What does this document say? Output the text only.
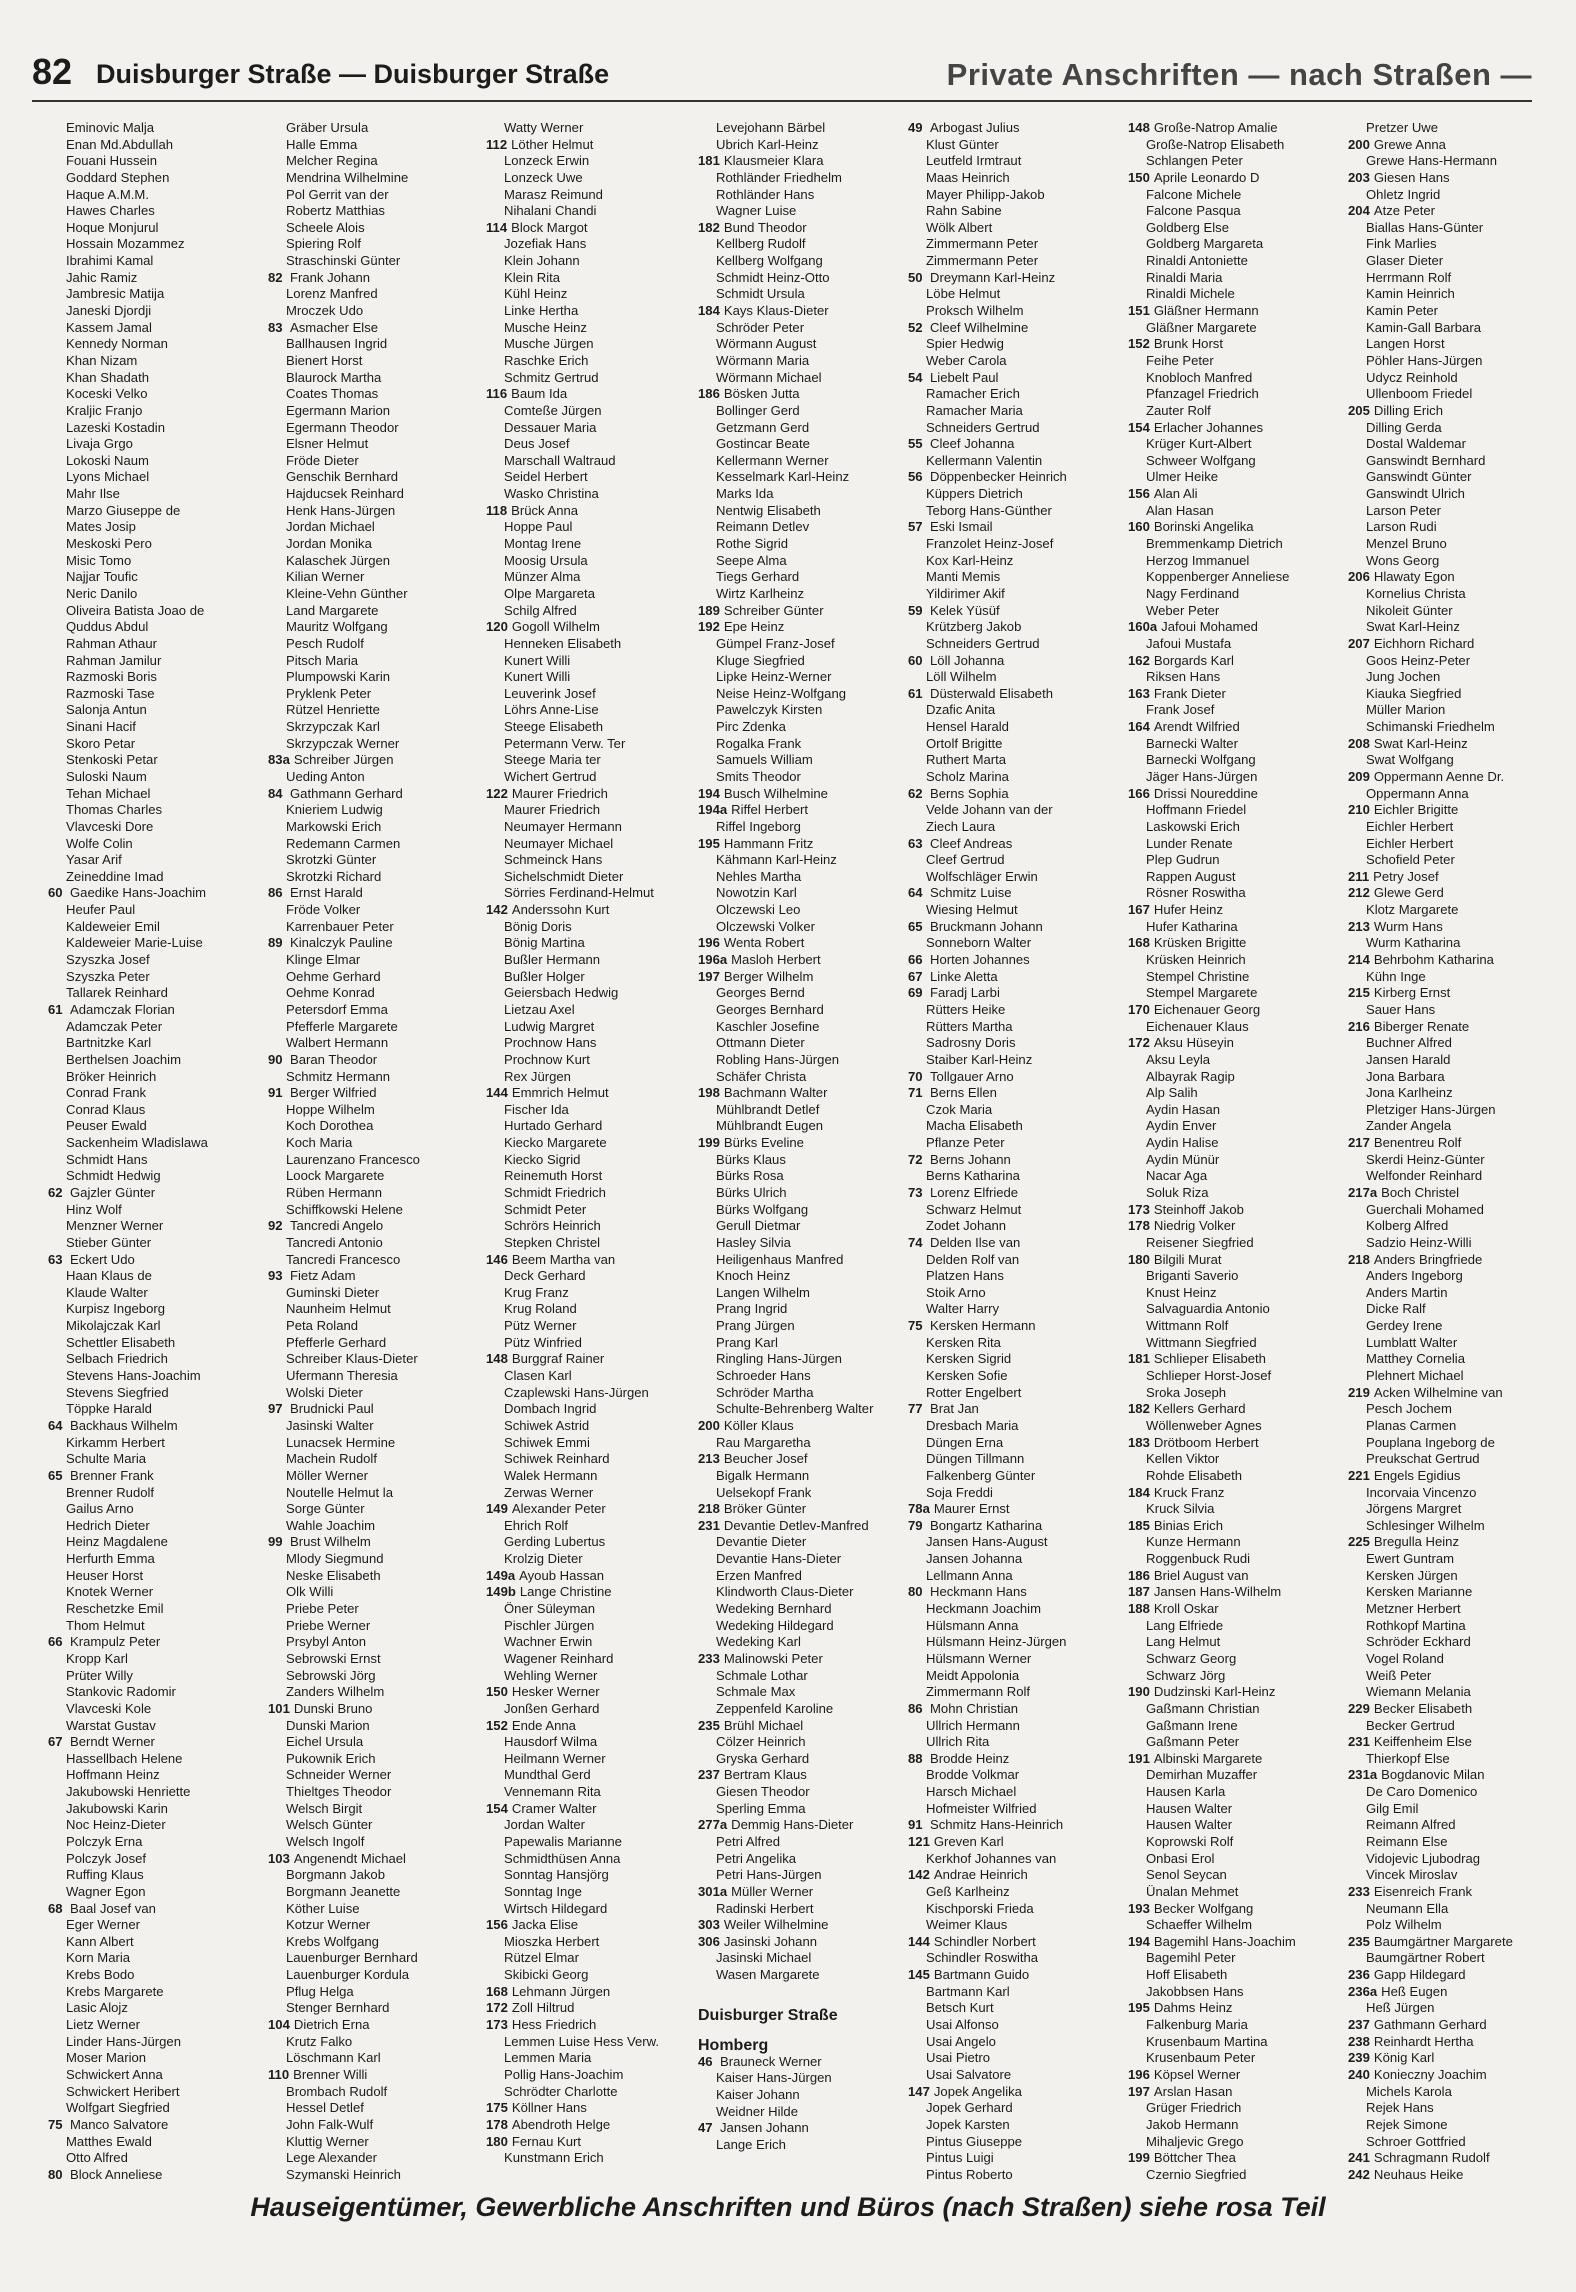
82 Duisburger Straße — Duisburger Straße	Private Anschriften — nach Straßen —
Eminovic Malja
Enan Md.Abdullah
Fouani Hussein
Goddard Stephen
Haque A.M.M.
Hawes Charles
Hoque Monjurul
Hossain Mozammez
Ibrahimi Kamal
Jahic Ramiz
Jambresic Matija
Janeski Djordji
Kassem Jamal
Kennedy Norman
Khan Nizam
Khan Shadath
Koceski Velko
Kraljic Franjo
Lazeski Kostadin
Livaja Grgo
Lokoski Naum
Lyons Michael
Mahr Ilse
Marzo Giuseppe de
Mates Josip
Meskoski Pero
Misic Tomo
Najjar Toufic
Neric Danilo
Oliveira Batista Joao de
Quddus Abdul
Rahman Athaur
Rahman Jamilur
Razmoski Boris
Razmoski Tase
Salonja Antun
Sinani Hacif
Skoro Petar
Stenkoski Petar
Suloski Naum
Tehan Michael
Thomas Charles
Vlavceski Dore
Wolfe Colin
Yasar Arif
Zeineddine Imad
60 Gaedike Hans-Joachim
Heufer Paul
Kaldeweier Emil
Kaldeweier Marie-Luise
Szyszka Josef
Szyszka Peter
Tallarek Reinhard
61 Adamczak Florian
Adamczak Peter
Bartnitzke Karl
Berthelsen Joachim
Bröker Heinrich
Conrad Frank
Conrad Klaus
Peuser Ewald
Sackenheim Wladislawa
Schmidt Hans
Schmidt Hedwig
62 Gajzler Günter
Hinz Wolf
Menzner Werner
Stieber Günter
63 Eckert Udo
Haan Klaus de
Klaude Walter
Kurpisz Ingeborg
Mikolajczak Karl
Schettler Elisabeth
Selbach Friedrich
Stevens Hans-Joachim
Stevens Siegfried
Töppke Harald
64 Backhaus Wilhelm
Kirkamm Herbert
Schulte Maria
65 Brenner Frank
Brenner Rudolf
Gailus Arno
Hedrich Dieter
Heinz Magdalene
Herfurth Emma
Heuser Horst
Knotek Werner
Reschetzke Emil
Thom Helmut
66 Krampulz Peter
Kropp Karl
Prüter Willy
Stankovic Radomir
Vlavceski Kole
Warstat Gustav
67 Berndt Werner
Hassellbach Helene
Hoffmann Heinz
Jakubowski Henriette
Jakubowski Karin
Noc Heinz-Dieter
Polczyk Erna
Polczyk Josef
Ruffing Klaus
Wagner Egon
68 Baal Josef van
Eger Werner
Kann Albert
Korn Maria
Krebs Bodo
Krebs Margarete
Lasic Alojz
Lietz Werner
Linder Hans-Jürgen
Moser Marion
Schwickert Anna
Schwickert Heribert
Wolfgart Siegfried
75 Manco Salvatore
Matthes Ewald
Otto Alfred
80 Block Anneliese
Gräber Ursula
Halle Emma
Melcher Regina
Mendrina Wilhelmine
Pol Gerrit van der
Robertz Matthias
Scheele Alois
Spiering Rolf
Straschinski Günter
82 Frank Johann
Lorenz Manfred
Mroczek Udo
83 Asmacher Else
Ballhausen Ingrid
Bienert Horst
Blaurock Martha
Coates Thomas
Egermann Marion
Egermann Theodor
Elsner Helmut
Fröde Dieter
Genschik Bernhard
Hajducsek Reinhard
Henk Hans-Jürgen
Jordan Michael
Jordan Monika
Kalaschek Jürgen
Kilian Werner
Kleine-Vehn Günther
Land Margarete
Mauritz Wolfgang
Pesch Rudolf
Pitsch Maria
Plumpowski Karin
Pryklenk Peter
Rützel Henriette
Skrzypczak Karl
Skrzypczak Werner
83a Schreiber Jürgen
Ueding Anton
84 Gathmann Gerhard
Knieriem Ludwig
Markowski Erich
Redemann Carmen
Skrotzki Günter
Skrotzki Richard
86 Ernst Harald
Fröde Volker
Karrenbauer Peter
89 Kinalczyk Pauline
Klinge Elmar
Oehme Gerhard
Oehme Konrad
Petersdorf Emma
Pfefferle Margarete
Walbert Hermann
90 Baran Theodor
Schmitz Hermann
91 Berger Wilfried
Hoppe Wilhelm
Koch Dorothea
Koch Maria
Laurenzano Francesco
Loock Margarete
Rüben Hermann
Schiffkowski Helene
92 Tancredi Angelo
Tancredi Antonio
Tancredi Francesco
93 Fietz Adam
Guminski Dieter
Naunheim Helmut
Peta Roland
Pfefferle Gerhard
Schreiber Klaus-Dieter
Ufermann Theresia
Wolski Dieter
97 Brudnicki Paul
Jasinski Walter
Lunacsek Hermine
Machein Rudolf
Möller Werner
Noutelle Helmut la
Sorge Günter
Wahle Joachim
99 Brust Wilhelm
Mlody Siegmund
Neske Elisabeth
Olk Willi
Priebe Peter
Priebe Werner
Prsybyl Anton
Sebrowski Ernst
Sebrowski Jörg
Zanders Wilhelm
101 Dunski Bruno
Dunski Marion
Eichel Ursula
Pukownik Erich
Schneider Werner
Thieltges Theodor
Welsch Birgit
Welsch Günter
Welsch Ingolf
103 Angenendt Michael
Borgmann Jakob
Borgmann Jeanette
Köther Luise
Kotzur Werner
Krebs Wolfgang
Lauenburger Bernhard
Lauenburger Kordula
Pflug Helga
Stenger Bernhard
104 Dietrich Erna
Krutz Falko
Löschmann Karl
110 Brenner Willi
Brombach Rudolf
Hessel Detlef
John Falk-Wulf
Kluttig Werner
Lege Alexander
Szymanski Heinrich
Watty Werner
112 Löther Helmut
Lonzeck Erwin
Lonzeck Uwe
Marasz Reimund
Nihalani Chandi
114 Block Margot
Jozefiak Hans
Klein Johann
Klein Rita
Kühl Heinz
Linke Hertha
Musche Heinz
Musche Jürgen
Raschke Erich
Schmitz Gertrud
116 Baum Ida
Comteße Jürgen
Dessauer Maria
Deus Josef
Marschall Waltraud
Seidel Herbert
Wasko Christina
118 Brück Anna
Hoppe Paul
Montag Irene
Moosig Ursula
Münzer Alma
Olpe Margareta
Schilg Alfred
120 Gogoll Wilhelm
Henneken Elisabeth
Kunert Willi
Kunert Willi
Leuverink Josef
Löhrs Anne-Lise
Steege Elisabeth
Petermann Verw. Ter
Steege Maria ter
Wichert Gertrud
122 Maurer Friedrich
Maurer Friedrich
Neumayer Hermann
Neumayer Michael
Schmeinck Hans
Sichelschmidt Dieter
Sörries Ferdinand-Helmut
142 Anderssohn Kurt
Bönig Doris
Bönig Martina
Bußler Hermann
Bußler Holger
Geiersbach Hedwig
Lietzau Axel
Ludwig Margret
Prochnow Hans
Prochnow Kurt
Rex Jürgen
144 Emmrich Helmut
Fischer Ida
Hurtado Gerhard
Kiecko Margarete
Kiecko Sigrid
Reinemuth Horst
Schmidt Friedrich
Schmidt Peter
Schrörs Heinrich
Stepken Christel
146 Beem Martha van
Deck Gerhard
Krug Franz
Krug Roland
Pütz Werner
Pütz Winfried
148 Burggraf Rainer
Clasen Karl
Czaplewski Hans-Jürgen
Dombach Ingrid
Schiwek Astrid
Schiwek Emmi
Schiwek Reinhard
Walek Hermann
Zerwas Werner
149 Alexander Peter
Ehrich Rolf
Gerding Lubertus
Krolzig Dieter
149a Ayoub Hassan
149b Lange Christine
Öner Süleyman
Pischler Jürgen
Wachner Erwin
Wagener Reinhard
Wehling Werner
150 Hesker Werner
Jonßen Gerhard
152 Ende Anna
Hausdorf Wilma
Heilmann Werner
Mundthal Gerd
Vennemann Rita
154 Cramer Walter
Jordan Walter
Papewalis Marianne
Schmidthüsen Anna
Sonntag Hansjörg
Sonntag Inge
Wirtsch Hildegard
156 Jacka Elise
Mioszka Herbert
Rützel Elmar
Skibicki Georg
168 Lehmann Jürgen
172 Zoll Hiltrud
173 Hess Friedrich
Lemmen Luise Hess Verw.
Lemmen Maria
Pollig Hans-Joachim
Schrödter Charlotte
175 Köllner Hans
178 Abendroth Helge
180 Fernau Kurt
Kunstmann Erich
Levejohann Bärbel
Ubrich Karl-Heinz
181 Klausmeier Klara
Rothländer Friedhelm
Rothländer Hans
Wagner Luise
182 Bund Theodor
Kellberg Rudolf
Kellberg Wolfgang
Schmidt Heinz-Otto
Schmidt Ursula
184 Kays Klaus-Dieter
Schröder Peter
Wörmann August
Wörmann Maria
Wörmann Michael
186 Bösken Jutta
Bollinger Gerd
Getzmann Gerd
Gostincar Beate
Kellermann Werner
Kesselmark Karl-Heinz
Marks Ida
Nentwig Elisabeth
Reimann Detlev
Rothe Sigrid
Seepe Alma
Tiegs Gerhard
Wirtz Karlheinz
189 Schreiber Günter
192 Epe Heinz
Gümpel Franz-Josef
Kluge Siegfried
Lipke Heinz-Werner
Neise Heinz-Wolfgang
Pawelczyk Kirsten
Pirc Zdenka
Rogalka Frank
Samuels William
Smits Theodor
194 Busch Wilhelmine
194a Riffel Herbert
Riffel Ingeborg
195 Hammann Fritz
Kähmann Karl-Heinz
Nehles Martha
Nowotzin Karl
Olczewski Leo
Olczewski Volker
196 Wenta Robert
196a Masloh Herbert
197 Berger Wilhelm
Georges Bernd
Georges Bernhard
Kaschler Josefine
Ottmann Dieter
Robling Hans-Jürgen
Schäfer Christa
198 Bachmann Walter
Mühlbrandt Detlef
Mühlbrandt Eugen
199 Bürks Eveline
Bürks Klaus
Bürks Rosa
Bürks Ulrich
Bürks Wolfgang
Gerull Dietmar
Hasley Silvia
Heiligenhaus Manfred
Knoch Heinz
Langen Wilhelm
Prang Ingrid
Prang Jürgen
Prang Karl
Ringling Hans-Jürgen
Schroeder Hans
Schröder Martha
Schulte-Behrenberg Walter
200 Köller Klaus
Rau Margaretha
213 Beucher Josef
Bigalk Hermann
Uelsekopf Frank
218 Bröker Günter
231 Devantie Detlev-Manfred
Devantie Dieter
Devantie Hans-Dieter
Erzen Manfred
Klindworth Claus-Dieter
Wedeking Bernhard
Wedeking Hildegard
Wedeking Karl
233 Malinowski Peter
Schmale Lothar
Schmale Max
Zeppenfeld Karoline
235 Brühl Michael
Cölzer Heinrich
Gryska Gerhard
237 Bertram Klaus
Giesen Theodor
Sperling Emma
277a Demmig Hans-Dieter
Petri Alfred
Petri Angelika
Petri Hans-Jürgen
301a Müller Werner
Radinski Herbert
303 Weiler Wilhelmine
306 Jasinski Johann
Jasinski Michael
Wasen Margarete
Duisburger Straße
Homberg
46 Brauneck Werner
Kaiser Hans-Jürgen
Kaiser Johann
Weidner Hilde
47 Jansen Johann
Lange Erich
49 Arbogast Julius
Klust Günter
Leutfeld Irmtraut
Maas Heinrich
Mayer Philipp-Jakob
Rahn Sabine
Wölk Albert
Zimmermann Peter
Zimmermann Peter
50 Dreymann Karl-Heinz
Löbe Helmut
Proksch Wilhelm
52 Cleef Wilhelmine
Spier Hedwig
Weber Carola
54 Liebelt Paul
Ramacher Erich
Ramacher Maria
Schneiders Gertrud
55 Cleef Johanna
Kellermann Valentin
56 Döppenbecker Heinrich
Küppers Dietrich
Teborg Hans-Günther
57 Eski Ismail
Franzolet Heinz-Josef
Kox Karl-Heinz
Manti Memis
Yildirimer Akif
59 Kelek Yüsüf
Krützberg Jakob
Schneiders Gertrud
60 Löll Johanna
Löll Wilhelm
61 Düsterwald Elisabeth
Dzafic Anita
Hensel Harald
Ortolf Brigitte
Ruthert Marta
Scholz Marina
62 Berns Sophia
Velde Johann van der
Ziech Laura
63 Cleef Andreas
Cleef Gertrud
Wolfschläger Erwin
64 Schmitz Luise
Wiesing Helmut
65 Bruckmann Johann
Sonneborn Walter
66 Horten Johannes
67 Linke Aletta
69 Faradj Larbi
Rütters Heike
Rütters Martha
Sadrosny Doris
Staiber Karl-Heinz
70 Tollgauer Arno
71 Berns Ellen
Czok Maria
Macha Elisabeth
Pflanze Peter
72 Berns Johann
Berns Katharina
73 Lorenz Elfriede
Schwarz Helmut
Zodet Johann
74 Delden Ilse van
Delden Rolf van
Platzen Hans
Stoik Arno
Walter Harry
75 Kersken Hermann
Kersken Rita
Kersken Sigrid
Kersken Sofie
Rotter Engelbert
77 Brat Jan
Dresbach Maria
Düngen Erna
Düngen Tillmann
Falkenberg Günter
Soja Freddi
78a Maurer Ernst
79 Bongartz Katharina
Jansen Hans-August
Jansen Johanna
Lellmann Anna
80 Heckmann Hans
Heckmann Joachim
Hülsmann Anna
Hülsmann Heinz-Jürgen
Hülsmann Werner
Meidt Appolonia
Zimmermann Rolf
86 Mohn Christian
Ullrich Hermann
Ullrich Rita
88 Brodde Heinz
Brodde Volkmar
Harsch Michael
Hofmeister Wilfried
91 Schmitz Hans-Heinrich
121 Greven Karl
Kerkhof Johannes van
142 Andrae Heinrich
Geß Karlheinz
Kischporski Frieda
Weimer Klaus
144 Schindler Norbert
Schindler Roswitha
145 Bartmann Guido
Bartmann Karl
Betsch Kurt
Usai Alfonso
Usai Angelo
Usai Pietro
Usai Salvatore
147 Jopek Angelika
Jopek Gerhard
Jopek Karsten
Pintus Giuseppe
Pintus Luigi
Pintus Roberto
148 Große-Natrop Amalie
Große-Natrop Elisabeth
Schlangen Peter
150 Aprile Leonardo D
Falcone Michele
Falcone Pasqua
Goldberg Else
Goldberg Margareta
Rinaldi Antoniette
Rinaldi Maria
Rinaldi Michele
151 Gläßner Hermann
Gläßner Margarete
152 Brunk Horst
Feihe Peter
Knobloch Manfred
Pfanzagel Friedrich
Zauter Rolf
154 Erlacher Johannes
Krüger Kurt-Albert
Schweer Wolfgang
Ulmer Heike
156 Alan Ali
Alan Hasan
160 Borinski Angelika
Bremmenkamp Dietrich
Herzog Immanuel
Koppenberger Anneliese
Nagy Ferdinand
Weber Peter
160a Jafoui Mohamed
Jafoui Mustafa
162 Borgards Karl
Riksen Hans
163 Frank Dieter
Frank Josef
164 Arendt Wilfried
Barnecki Walter
Barnecki Wolfgang
Jäger Hans-Jürgen
166 Drissi Noureddine
Hoffmann Friedel
Laskowski Erich
Lunder Renate
Plep Gudrun
Rappen August
Rösner Roswitha
167 Hufer Heinz
Hufer Katharina
168 Krüsken Brigitte
Krüsken Heinrich
Stempel Christine
Stempel Margarete
170 Eichenauer Georg
Eichenauer Klaus
172 Aksu Hüseyin
Aksu Leyla
Albayrak Ragip
Alp Salih
Aydin Hasan
Aydin Enver
Aydin Halise
Aydin Münür
Nacar Aga
Soluk Riza
173 Steinhoff Jakob
178 Niedrig Volker
Reisener Siegfried
180 Bilgili Murat
Briganti Saverio
Knust Heinz
Salvaguardia Antonio
Wittmann Rolf
Wittmann Siegfried
181 Schlieper Elisabeth
Schlieper Horst-Josef
Sroka Joseph
182 Kellers Gerhard
Wöllenweber Agnes
183 Drötboom Herbert
Kellen Viktor
Rohde Elisabeth
184 Kruck Franz
Kruck Silvia
185 Binias Erich
Kunze Hermann
Roggenbuck Rudi
186 Briel August van
187 Jansen Hans-Wilhelm
188 Kroll Oskar
Lang Elfriede
Lang Helmut
Schwarz Georg
Schwarz Jörg
190 Dudzinski Karl-Heinz
Gaßmann Christian
Gaßmann Irene
Gaßmann Peter
191 Albinski Margarete
Demirhan Muzaffer
Hausen Karla
Hausen Walter
Hausen Walter
Koprowski Rolf
Onbasi Erol
Senol Seycan
Ünalan Mehmet
193 Becker Wolfgang
Schaeffer Wilhelm
194 Bagemihl Hans-Joachim
Bagemihl Peter
Hoff Elisabeth
Jakobbsen Hans
195 Dahms Heinz
Falkenburg Maria
Krusenbaum Martina
Krusenbaum Peter
196 Köpsel Werner
197 Arslan Hasan
Grüger Friedrich
Jakob Hermann
Mihaljevic Grego
199 Böttcher Thea
Czernio Siegfried
Pretzer Uwe
200 Grewe Anna
Grewe Hans-Hermann
203 Giesen Hans
Ohletz Ingrid
204 Atze Peter
Biallas Hans-Günter
Fink Marlies
Glaser Dieter
Herrmann Rolf
Kamin Heinrich
Kamin Peter
Kamin-Gall Barbara
Langen Horst
Pöhler Hans-Jürgen
Udycz Reinhold
Ullenboom Friedel
205 Dilling Erich
Dilling Gerda
Dostal Waldemar
Ganswindt Bernhard
Ganswindt Günter
Ganswindt Ulrich
Larson Peter
Larson Rudi
Menzel Bruno
Wons Georg
206 Hlawaty Egon
Kornelius Christa
Nikoleit Günter
Swat Karl-Heinz
207 Eichhorn Richard
Goos Heinz-Peter
Jung Jochen
Kiauka Siegfried
Müller Marion
Schimanski Friedhelm
208 Swat Karl-Heinz
Swat Wolfgang
209 Oppermann Aenne Dr.
Oppermann Anna
210 Eichler Brigitte
Eichler Herbert
Eichler Herbert
Schofield Peter
211 Petry Josef
212 Glewe Gerd
Klotz Margarete
213 Wurm Hans
Wurm Katharina
214 Behrbohm Katharina
Kühn Inge
215 Kirberg Ernst
Sauer Hans
216 Biberger Renate
Buchner Alfred
Jansen Harald
Jona Barbara
Jona Karlheinz
Pletziger Hans-Jürgen
Zander Angela
217 Benentreu Rolf
Skerdi Heinz-Günter
Welfonder Reinhard
217a Boch Christel
Guerchali Mohamed
Kolberg Alfred
Sadzio Heinz-Willi
218 Anders Bringfriede
Anders Ingeborg
Anders Martin
Dicke Ralf
Gerdey Irene
Lumblatt Walter
Matthey Cornelia
Plehnert Michael
219 Acken Wilhelmine van
Pesch Jochem
Planas Carmen
Pouplana Ingeborg de
Preukschat Gertrud
221 Engels Egidius
Incorvaia Vincenzo
Jörgens Margret
Schlesinger Wilhelm
225 Bregulla Heinz
Ewert Guntram
Kersken Jürgen
Kersken Marianne
Metzner Herbert
Rothkopf Martina
Schröder Eckhard
Vogel Roland
Weiß Peter
Wiemann Melania
229 Becker Elisabeth
Becker Gertrud
231 Keiffenheim Else
Thierkopf Else
231a Bogdanovic Milan
De Caro Domenico
Gilg Emil
Reimann Alfred
Reimann Else
Vidojevic Ljubodrag
Vincek Miroslav
233 Eisenreich Frank
Neumann Ella
Polz Wilhelm
235 Baumgärtner Margarete
Baumgärtner Robert
236 Gapp Hildegard
236a Heß Eugen
Heß Jürgen
237 Gathmann Gerhard
238 Reinhardt Hertha
239 König Karl
240 Konieczny Joachim
Michels Karola
Rejek Hans
Rejek Simone
Schroer Gottfried
241 Schragmann Rudolf
242 Neuhaus Heike
Hauseigentümer, Gewerbliche Anschriften und Büros (nach Straßen) siehe rosa Teil
